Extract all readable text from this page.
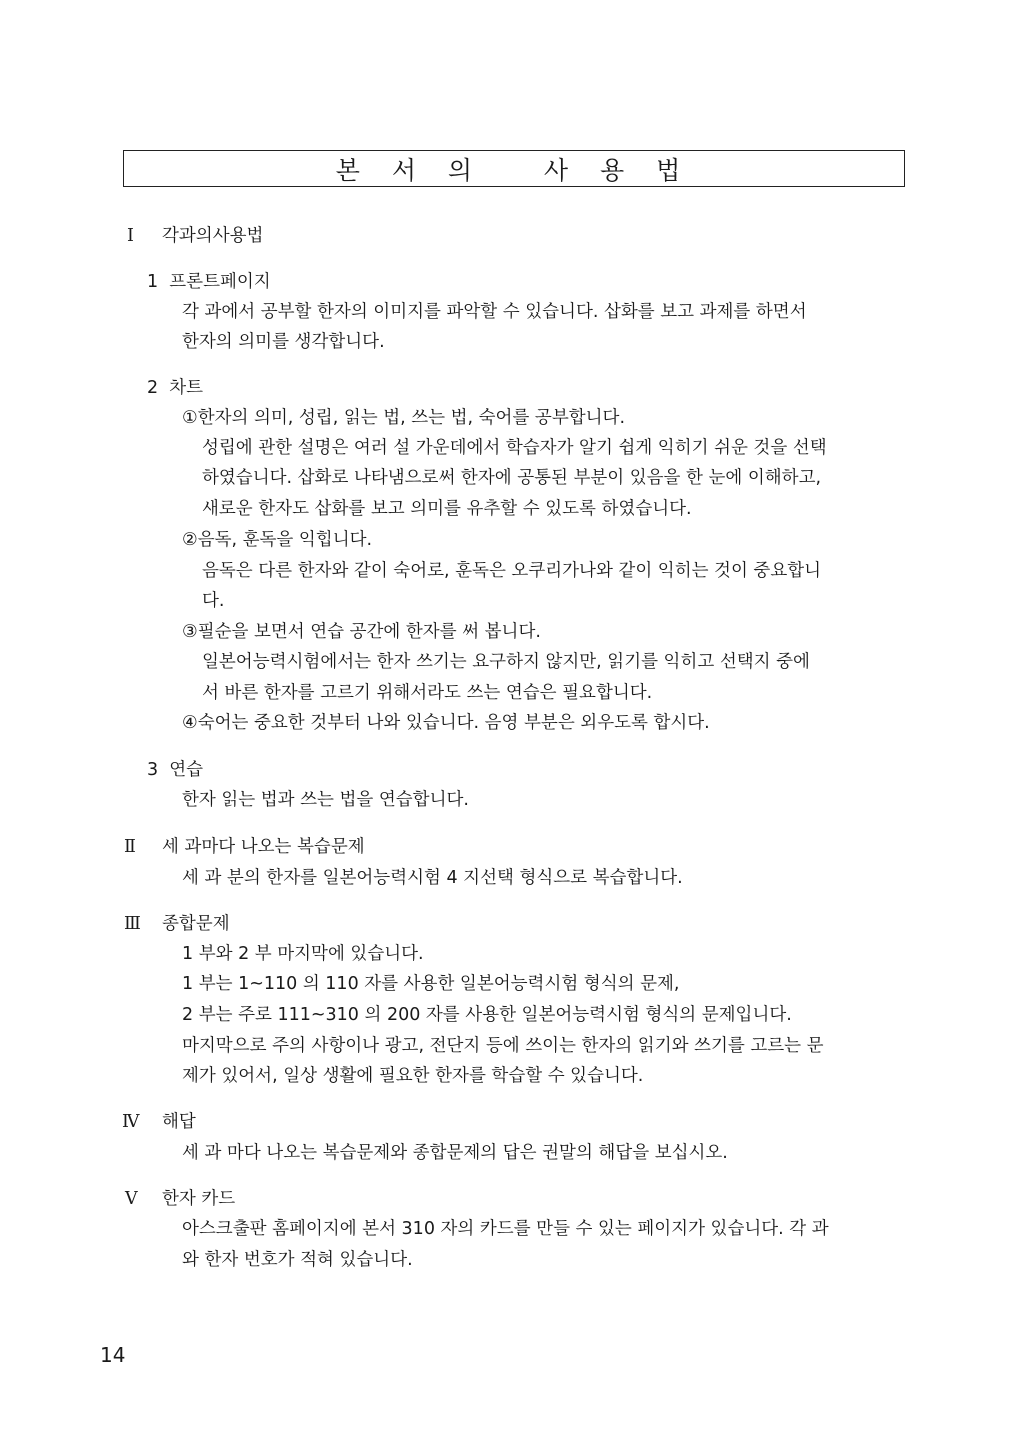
본 서 의   사 용 법
Ⅰ 각과의사용법
1  프론트페이지
각 과에서 공부할 한자의 이미지를 파악할 수 있습니다. 삽화를 보고 과제를 하면서
한자의 의미를 생각합니다.
2  차트
①한자의 의미, 성립, 읽는 법, 쓰는 법, 숙어를 공부합니다.
성립에 관한 설명은 여러 설 가운데에서 학습자가 알기 쉽게 익히기 쉬운 것을 선택
하였습니다. 삽화로 나타냄으로써 한자에 공통된 부분이 있음을 한 눈에 이해하고,
새로운 한자도 삽화를 보고 의미를 유추할 수 있도록 하였습니다.
②음독, 훈독을 익힙니다.
음독은 다른 한자와 같이 숙어로, 훈독은 오쿠리가나와 같이 익히는 것이 중요합니
다.
③필순을 보면서 연습 공간에 한자를 써 봅니다.
일본어능력시험에서는 한자 쓰기는 요구하지 않지만, 읽기를 익히고 선택지 중에
서 바른 한자를 고르기 위해서라도 쓰는 연습은 필요합니다.
④숙어는 중요한 것부터 나와 있습니다. 음영 부분은 외우도록 합시다.
3  연습
한자 읽는 법과 쓰는 법을 연습합니다.
Ⅱ 세 과마다 나오는 복습문제
세 과 분의 한자를 일본어능력시험 4 지선택 형식으로 복습합니다.
Ⅲ 종합문제
1 부와 2 부 마지막에 있습니다.
1 부는 1~110 의 110 자를 사용한 일본어능력시험 형식의 문제,
2 부는 주로 111~310 의 200 자를 사용한 일본어능력시험 형식의 문제입니다.
마지막으로 주의 사항이나 광고, 전단지 등에 쓰이는 한자의 읽기와 쓰기를 고르는 문
제가 있어서, 일상 생활에 필요한 한자를 학습할 수 있습니다.
Ⅳ 해답
세 과 마다 나오는 복습문제와 종합문제의 답은 권말의 해답을 보십시오.
Ⅴ 한자 카드
아스크출판 홈페이지에 본서 310 자의 카드를 만들 수 있는 페이지가 있습니다. 각 과
와 한자 번호가 적혀 있습니다.
14
